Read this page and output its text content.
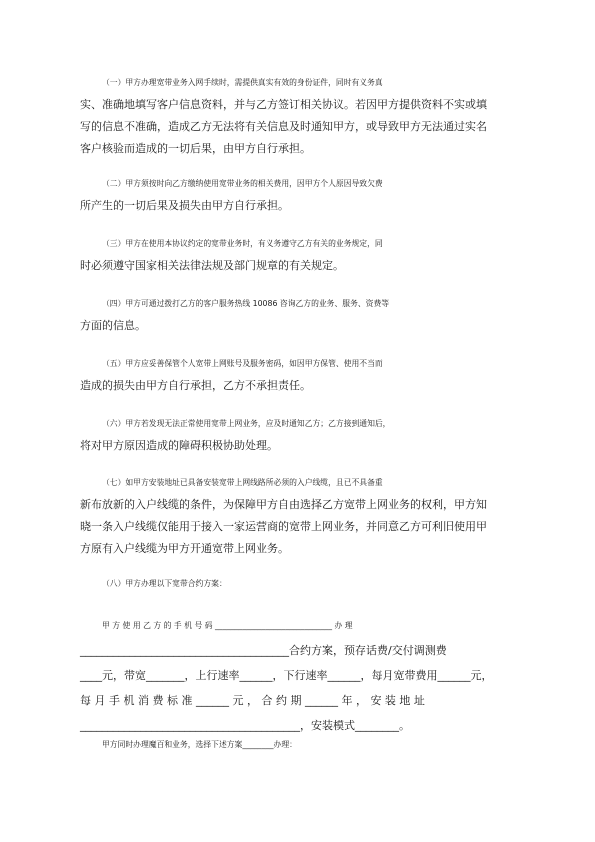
（一）甲方办理宽带业务入网手续时，需提供真实有效的身份证件，同时有义务真
实、准确地填写客户信息资料，并与乙方签订相关协议。若因甲方提供资料不实或填
写的信息不准确，造成乙方无法将有关信息及时通知甲方，或导致甲方无法通过实名
客户核验而造成的一切后果，由甲方自行承担。

（二）甲方须按时向乙方缴纳使用宽带业务的相关费用，因甲方个人原因导致欠费
所产生的一切后果及损失由甲方自行承担。

（三）甲方在使用本协议约定的宽带业务时，有义务遵守乙方有关的业务规定，同
时必须遵守国家相关法律法规及部门规章的有关规定。

（四）甲方可通过拨打乙方的客户服务热线 10086 咨询乙方的业务、服务、资费等
方面的信息。

（五）甲方应妥善保管个人宽带上网账号及服务密码，如因甲方保管、使用不当而
造成的损失由甲方自行承担，乙方不承担责任。

（六）甲方若发现无法正常使用宽带上网业务，应及时通知乙方；乙方接到通知后，
将对甲方原因造成的障碍积极协助处理。

（七）如甲方安装地址已具备安装宽带上网线路所必须的入户线缆，且已不具备重
新布放新的入户线缆的条件，为保障甲方自由选择乙方宽带上网业务的权利，甲方知
晓一条入户线缆仅能用于接入一家运营商的宽带上网业务，并同意乙方可利旧使用甲
方原有入户线缆为甲方开通宽带上网业务。

（八）甲方办理以下宽带合约方案：

甲 方 使 用 乙 方 的 手 机 号 码 ______________________________ 办 理
______________________________________合约方案，预存话费/交付调测费
____元，带宽_______，上行速率______，下行速率______，每月宽带费用______元，
每 月 手 机 消 费 标 准 ______ 元 ， 合 约 期 ______ 年 ， 安 装 地 址
________________________________________，安装模式________。

甲方同时办理魔百和业务，选择下述方案________办理：
